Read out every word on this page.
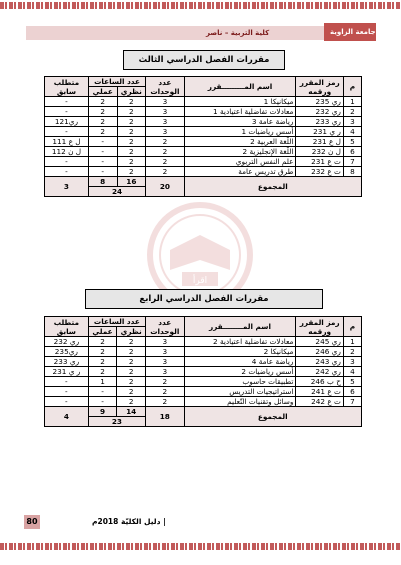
جامعة الزاوية
كلية التربية – ناصر
مقررات الفصل الدراسي الثالث
م	رمز المقرر ورقمه	اسم المـــــــــقرر	عدد الوحدات	عدد الساعات		متطلب سابق
				نظري	عملي	
1	ري 235	ميكانيكا 1	3	2	2	-
2	ري 232	معادلات تفاضلية اعتيادية 1	3	2	2	-
3	ري 233	رياضة عامة 3	3	2	2	ري121
4	ر ي 231	أسس رياضيات 1	3	2	2	-
5	ل ع 231	اللّغة العربية 2	2	2	-	ل ع 111
6	ل ن 232	اللّغة الإنجليزية 2	2	2	-	ل ن 112
7	ت ع 231	علم النفس التربوي	2	2	-	-
8	ت ع 232	طرق تدريس عامة	2	2	-	-
المجموع			20	16	8	3
				24		
اقرأ
مقررات الفصل الدراسي الرابع
م	رمز المقرر ورقمه	اسم المــــــــقرر	عدد الوحدات	عدد الساعات		متطلب سابق
				نظري	عملي	
1	ري 245	معادلات تفاضلية اعتيادية 2	3	2	2	ري 232
2	ري 246	ميكانيكا 2	3	2	2	ري235
3	ري 243	رياضة عامة 4	3	2	2	ري 233
4	ري 242	أسس رياضيات 2	3	2	2	ر ي 231
5	ح ب 246	تطبيقات حاسوب	2	2	1	-
6	ت ع 241	استراتيجيات التدريس	2	2	-	-
7	ت ع 242	وسائل وتقنيات التّعليم	2	2	-	-
المجموع			18	14	9	4
				23		
80	دليل الكليّة 2018م |
